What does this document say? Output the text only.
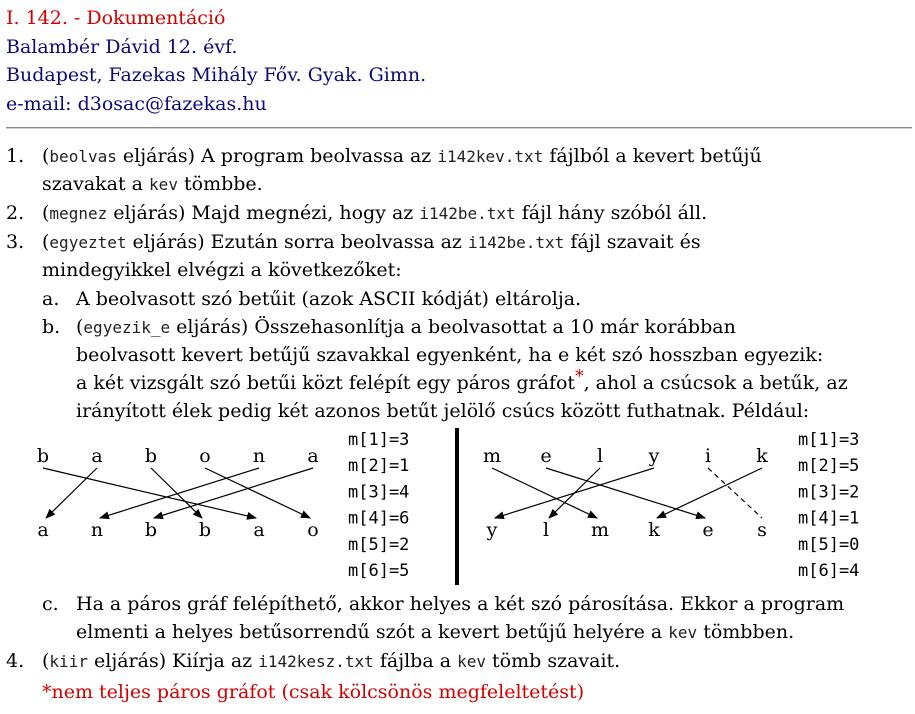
I. 142. - Dokumentáció
Balambér Dávid 12. évf.
Budapest, Fazekas Mihály Főv. Gyak. Gimn.
e-mail: d3osac@fazekas.hu
1. (beolvas eljárás) A program beolvassa az i142kev.txt fájlból a kevert betűjű
szavakat a kev tömbbe.
2. (megnez eljárás) Majd megnézi, hogy az i142be.txt fájl hány szóból áll.
3. (egyeztet eljárás) Ezután sorra beolvassa az i142be.txt fájl szavait és
mindegyikkel elvégzi a következőket:
a. A beolvasott szó betűit (azok ASCII kódját) eltárolja.
b. (egyezik_e eljárás) Összehasonlítja a beolvasottat a 10 már korábban
beolvasott kevert betűjű szavakkal egyenként, ha e két szó hosszban egyezik:
a két vizsgált szó betűi közt felépít egy páros gráfot*, ahol a csúcsok a betűk, az
irányított élek pedig két azonos betűt jelölő csúcs között futhatnak. Például:
c. Ha a páros gráf felépíthető, akkor helyes a két szó párosítása. Ekkor a program
elmenti a helyes betűsorrendű szót a kevert betűjű helyére a kev tömbben.
4. (kiir eljárás) Kiírja az i142kesz.txt fájlba a kev tömb szavait.
b a b o n a
a n b b a o
m[1]=3
m[2]=1
m[3]=4
m[4]=6
m[5]=2
m[6]=5
m e l y i k
y l m k e s
m[1]=3
m[2]=5
m[3]=2
m[4]=1
m[5]=0
m[6]=4
*nem teljes páros gráfot (csak kölcsönös megfeleltetést)
